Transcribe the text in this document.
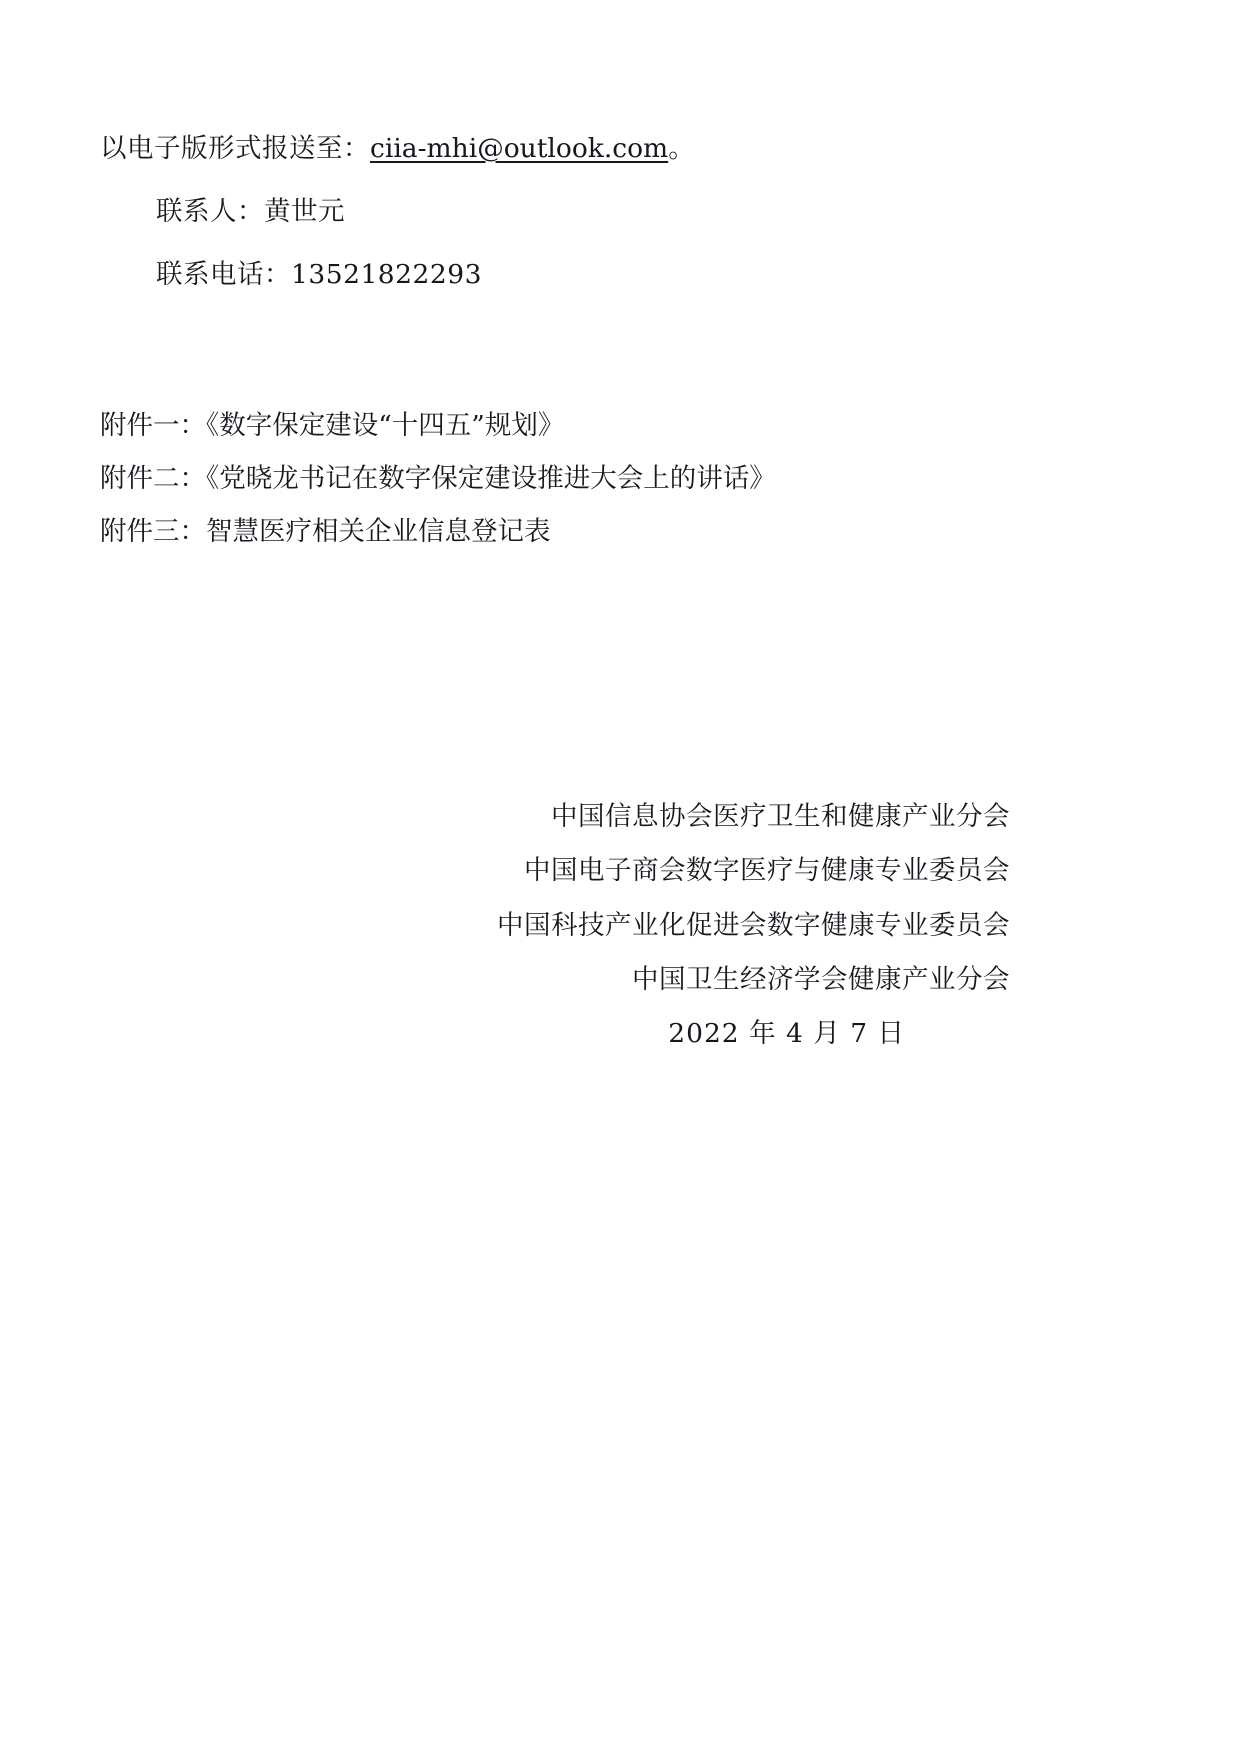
以电子版形式报送至：ciia-mhi@outlook.com。
联系人：黄世元
联系电话：13521822293
附件一：《数字保定建设“十四五”规划》
附件二：《党晓龙书记在数字保定建设推进大会上的讲话》
附件三：智慧医疗相关企业信息登记表
中国信息协会医疗卫生和健康产业分会
中国电子商会数字医疗与健康专业委员会
中国科技产业化促进会数字健康专业委员会
中国卫生经济学会健康产业分会
2022 年 4 月 7 日
